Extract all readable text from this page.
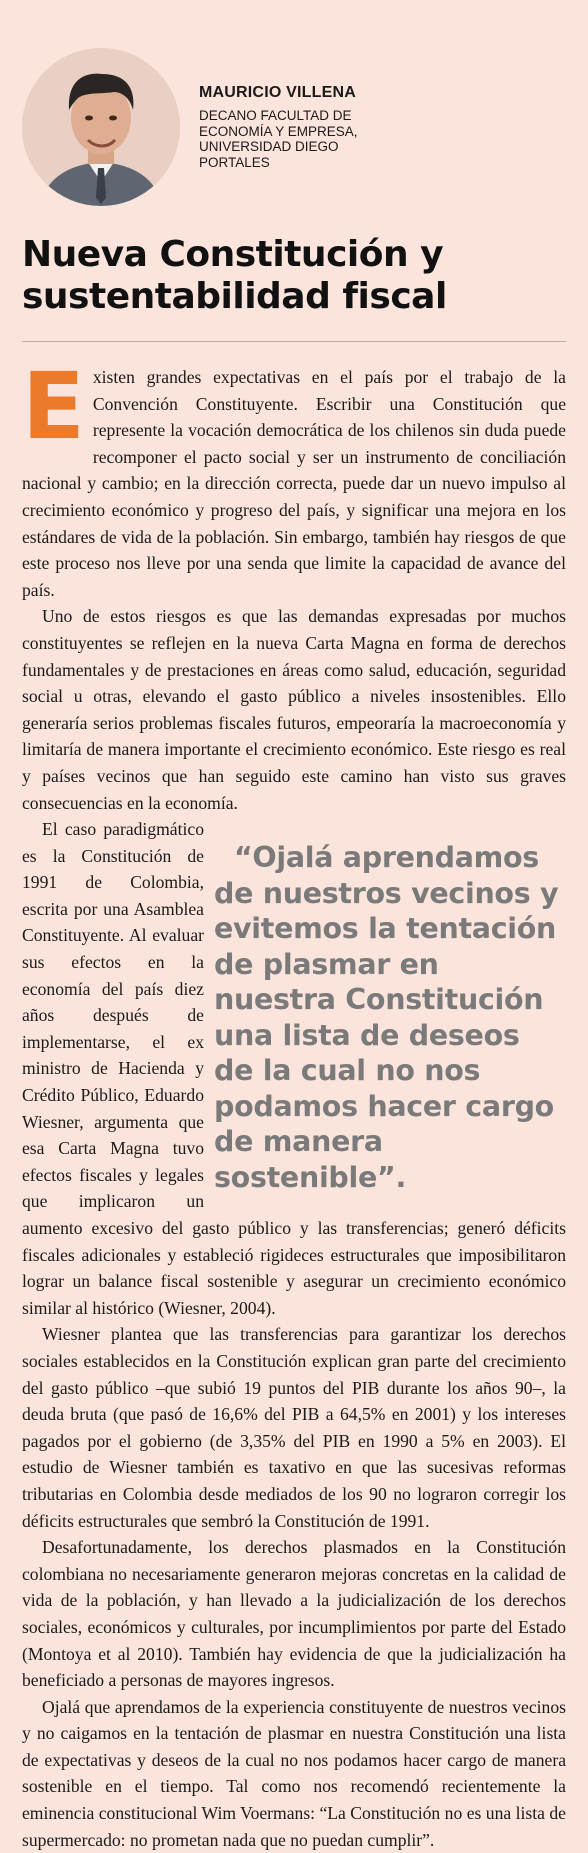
MAURICIO VILLENA
DECANO FACULTAD DE ECONOMÍA Y EMPRESA, UNIVERSIDAD DIEGO PORTALES
Nueva Constitución y sustentabilidad fiscal

Existen grandes expectativas en el país por el trabajo de la Convención Constituyente. Escribir una Constitución que represente la vocación democrática de los chilenos sin duda puede recomponer el pacto social y ser un instrumento de conciliación nacional y cambio; en la dirección correcta, puede dar un nuevo impulso al crecimiento económico y progreso del país, y significar una mejora en los estándares de vida de la población. Sin embargo, también hay riesgos de que este proceso nos lleve por una senda que limite la capacidad de avance del país.

Uno de estos riesgos es que las demandas expresadas por muchos constituyentes se reflejen en la nueva Carta Magna en forma de derechos fundamentales y de prestaciones en áreas como salud, educación, seguridad social u otras, elevando el gasto público a niveles insostenibles. Ello generaría serios problemas fiscales futuros, empeoraría la macroeconomía y limitaría de manera importante el crecimiento económico. Este riesgo es real y países vecinos que han seguido este camino han visto sus graves consecuencias en la economía.

“Ojalá aprendamos de nuestros vecinos y evitemos la tentación de plasmar en nuestra Constitución una lista de deseos de la cual no nos podamos hacer cargo de manera sostenible”.
El caso paradigmático es la Constitución de 1991 de Colombia, escrita por una Asamblea Constituyente. Al evaluar sus efectos en la economía del país diez años después de implementarse, el ex ministro de Hacienda y Crédito Público, Eduardo Wiesner, argumenta que esa Carta Magna tuvo efectos fiscales y legales que implicaron un aumento excesivo del gasto público y las transferencias; generó déficits fiscales adicionales y estableció rigideces estructurales que imposibilitaron lograr un balance fiscal sostenible y asegurar un crecimiento económico similar al histórico (Wiesner, 2004).

Wiesner plantea que las transferencias para garantizar los derechos sociales establecidos en la Constitución explican gran parte del crecimiento del gasto público –que subió 19 puntos del PIB durante los años 90–, la deuda bruta (que pasó de 16,6% del PIB a 64,5% en 2001) y los intereses pagados por el gobierno (de 3,35% del PIB en 1990 a 5% en 2003). El estudio de Wiesner también es taxativo en que las sucesivas reformas tributarias en Colombia desde mediados de los 90 no lograron corregir los déficits estructurales que sembró la Constitución de 1991.

Desafortunadamente, los derechos plasmados en la Constitución colombiana no necesariamente generaron mejoras concretas en la calidad de vida de la población, y han llevado a la judicialización de los derechos sociales, económicos y culturales, por incumplimientos por parte del Estado (Montoya et al 2010). También hay evidencia de que la judicialización ha beneficiado a personas de mayores ingresos.

Ojalá que aprendamos de la experiencia constituyente de nuestros vecinos y no caigamos en la tentación de plasmar en nuestra Constitución una lista de expectativas y deseos de la cual no nos podamos hacer cargo de manera sostenible en el tiempo. Tal como nos recomendó recientemente la eminencia constitucional Wim Voermans: “La Constitución no es una lista de supermercado: no prometan nada que no puedan cumplir”.
